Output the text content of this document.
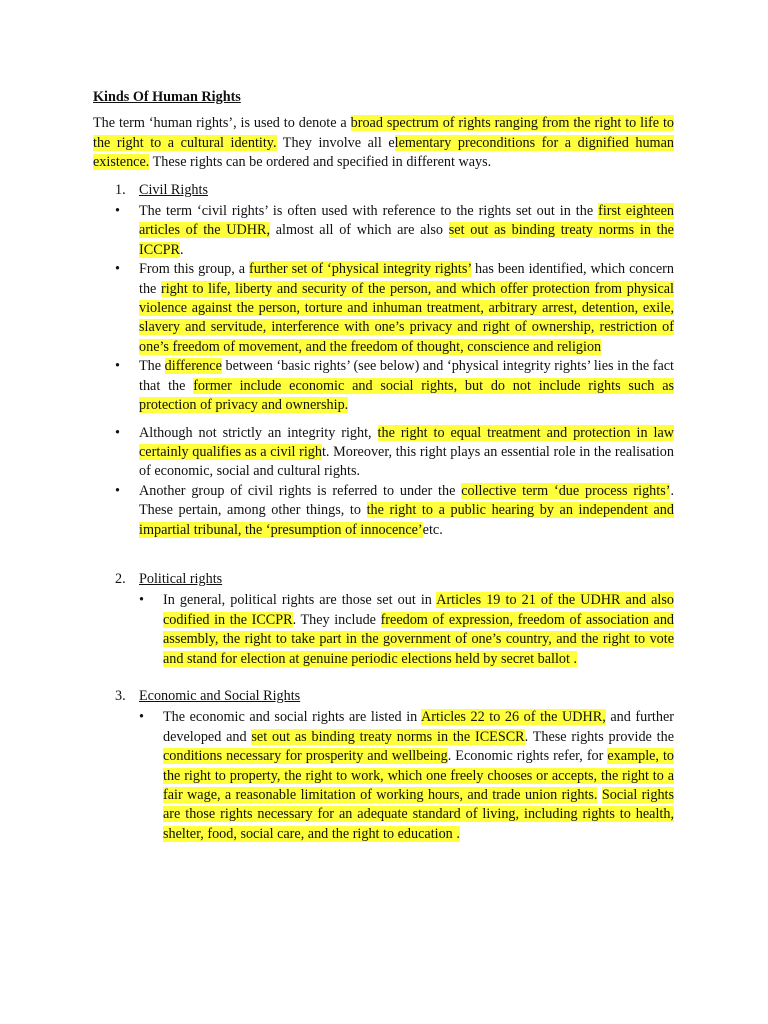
Kinds Of Human Rights

The term ‘human rights’, is used to denote a broad spectrum of rights ranging from the right to life to the right to a cultural identity. They involve all elementary preconditions for a dignified human existence. These rights can be ordered and specified in different ways.

1. Civil Rights
• The term ‘civil rights’ is often used with reference to the rights set out in the first eighteen articles of the UDHR, almost all of which are also set out as binding treaty norms in the ICCPR.
• From this group, a further set of ‘physical integrity rights’ has been identified, which concern the right to life, liberty and security of the person, and which offer protection from physical violence against the person, torture and inhuman treatment, arbitrary arrest, detention, exile, slavery and servitude, interference with one’s privacy and right of ownership, restriction of one’s freedom of movement, and the freedom of thought, conscience and religion
• The difference between ‘basic rights’ (see below) and ‘physical integrity rights’ lies in the fact that the former include economic and social rights, but do not include rights such as protection of privacy and ownership.
• Although not strictly an integrity right, the right to equal treatment and protection in law certainly qualifies as a civil right. Moreover, this right plays an essential role in the realisation of economic, social and cultural rights.
• Another group of civil rights is referred to under the collective term ‘due process rights’. These pertain, among other things, to the right to a public hearing by an independent and impartial tribunal, the ‘presumption of innocence’etc.
2. Political rights
• In general, political rights are those set out in Articles 19 to 21 of the UDHR and also codified in the ICCPR. They include freedom of expression, freedom of association and assembly, the right to take part in the government of one’s country, and the right to vote and stand for election at genuine periodic elections held by secret ballot .
3. Economic and Social Rights
• The economic and social rights are listed in Articles 22 to 26 of the UDHR, and further developed and set out as binding treaty norms in the ICESCR. These rights provide the conditions necessary for prosperity and wellbeing. Economic rights refer, for example, to the right to property, the right to work, which one freely chooses or accepts, the right to a fair wage, a reasonable limitation of working hours, and trade union rights. Social rights are those rights necessary for an adequate standard of living, including rights to health, shelter, food, social care, and the right to education .
